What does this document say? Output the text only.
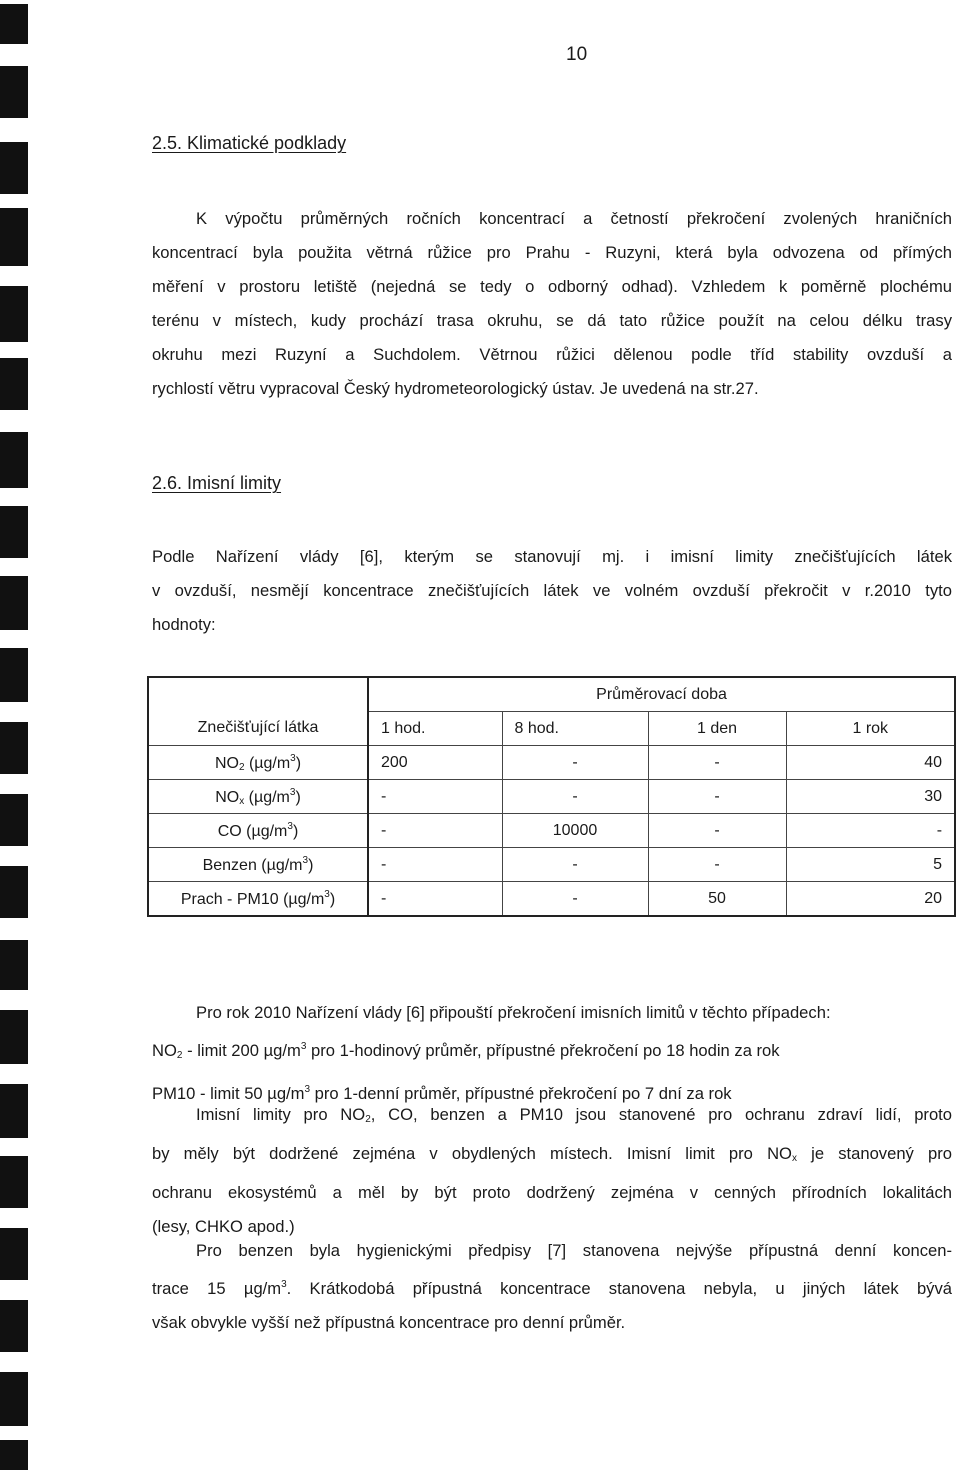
10
2.5. Klimatické podklady
K výpočtu průměrných ročních koncentrací a četností překročení zvolených hraničních
koncentrací byla použita větrná růžice pro Prahu - Ruzyni, která byla odvozena od přímých
měření v prostoru letiště (nejedná se tedy o odborný odhad). Vzhledem k poměrně plochému
terénu v místech, kudy prochází trasa okruhu, se dá tato růžice použít na celou délku trasy
okruhu mezi Ruzyní a Suchdolem. Větrnou růžici dělenou podle tříd stability ovzduší a
rychlostí větru vypracoval Český hydrometeorologický ústav. Je uvedená na str.27.
2.6. Imisní limity
Podle Nařízení vlády [6], kterým se stanovují mj. i imisní limity znečišťujících látek
v ovzduší, nesmějí koncentrace znečišťujících látek ve volném ovzduší překročit v r.2010 tyto
hodnoty:
	Průměrovací doba			
Znečišťující látka	1 hod.	8 hod.	1 den	1 rok
$NO_2$ $(\mu g/m^3)$	200	-	-	40
$NO_x$ $(\mu g/m^3)$	-	-	-	30
CO $(\mu g/m^3)$	-	10000	-	-
Benzen $(\mu g/m^3)$	-	-	-	5
Prach - PM10 $(\mu g/m^3)$	-	-	50	20
Pro rok 2010 Nařízení vlády [6] připouští překročení imisních limitů v těchto případech:
$NO_2$ - limit 200 $\mu g/m^3$ pro 1-hodinový průměr, přípustné překročení po 18 hodin za rok
PM10 - limit 50 $\mu g/m^3$ pro 1-denní průměr, přípustné překročení po 7 dní za rok
Imisní limity pro $NO_2$, CO, benzen a PM10 jsou stanovené pro ochranu zdraví lidí, proto
by měly být dodržené zejména v obydlených místech. Imisní limit pro $NO_x$ je stanovený pro
ochranu ekosystémů a měl by být proto dodržený zejména v cenných přírodních lokalitách
(lesy, CHKO apod.)
Pro benzen byla hygienickými předpisy [7] stanovena nejvýše přípustná denní koncen-
trace 15 $\mu g/m^3$. Krátkodobá přípustná koncentrace stanovena nebyla, u jiných látek bývá
však obvykle vyšší než přípustná koncentrace pro denní průměr.
